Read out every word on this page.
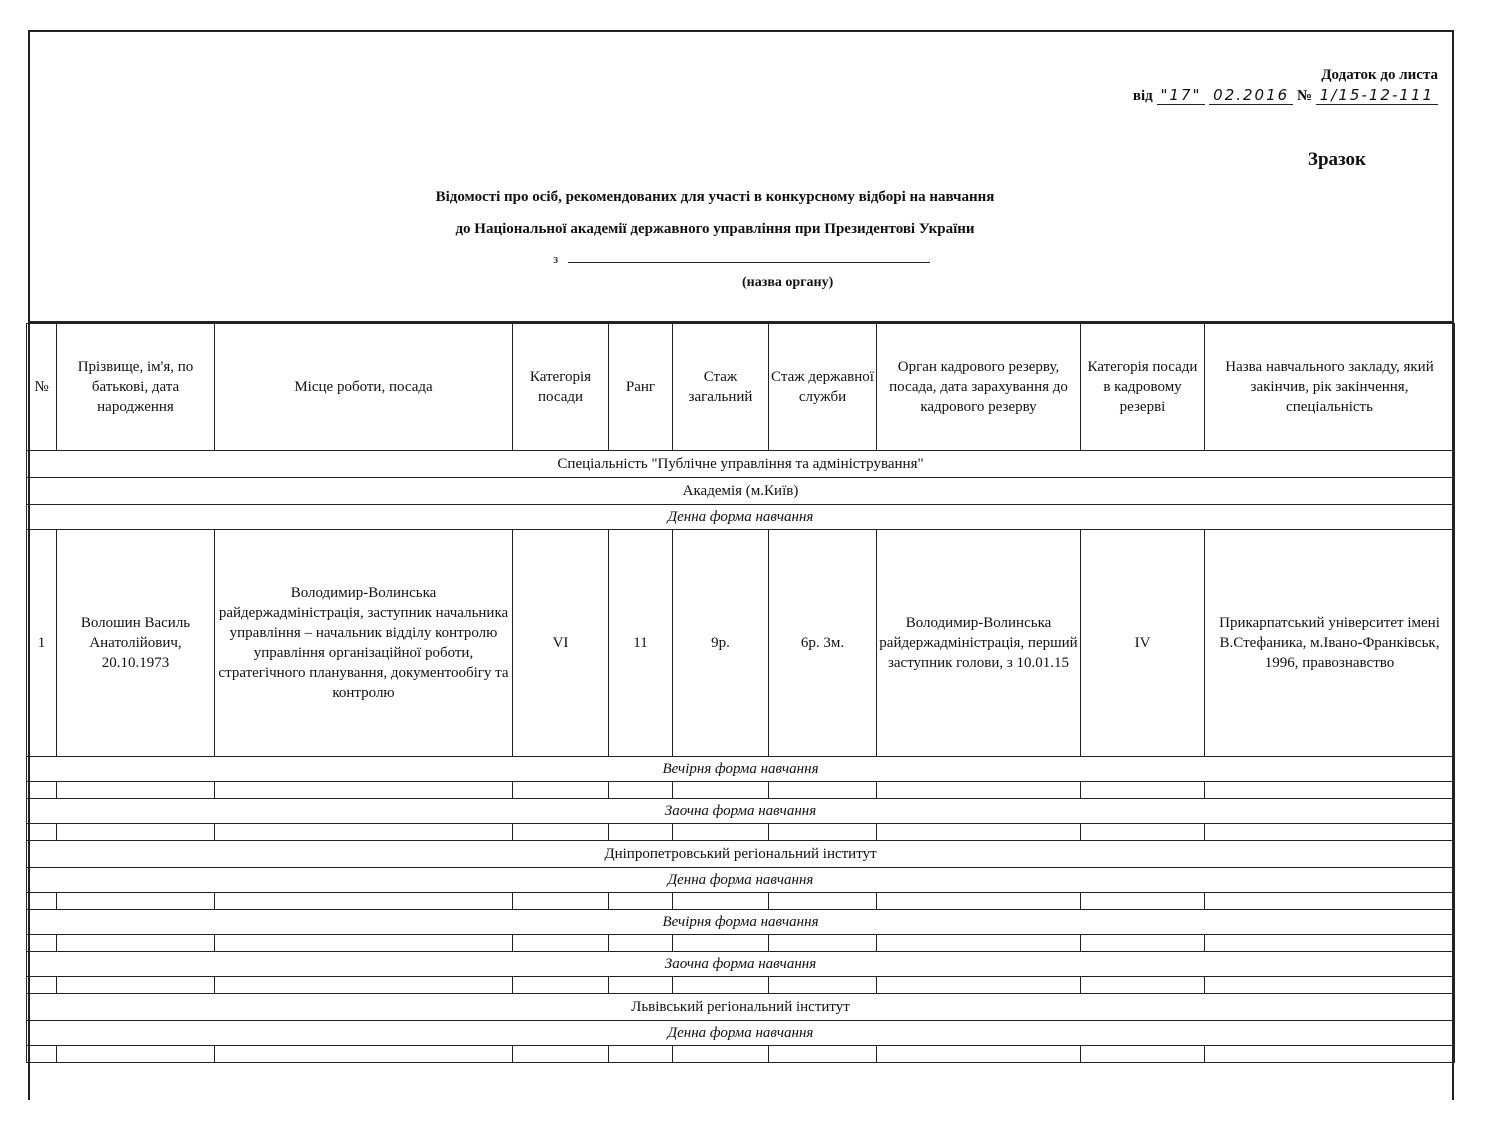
Додаток до листа
від "17" 02.2016 № 1/15-12-111
Зразок
Відомості про осіб, рекомендованих для участі в конкурсному відборі на навчання
до Національної академії державного управління при Президентові України
з
(назва органу)
№	Прізвище, ім'я, по батькові, дата народження	Місце роботи, посада	Категорія посади	Ранг	Стаж загальний	Стаж державної служби	Орган кадрового резерву, посада, дата зарахування до кадрового резерву	Категорія посади в кадровому резерві	Назва навчального закладу, який закінчив, рік закінчення, спеціальність
Спеціальність "Публічне управління та адміністрування"									
Академія (м.Київ)									
Денна форма навчання									
1	Волошин Василь Анатолійович, 20.10.1973	Володимир-Волинська райдержадміністрація, заступник начальника управління – начальник відділу контролю управління організаційної роботи, стратегічного планування, документообігу та контролю	VI	11	9р.	6р. 3м.	Володимир-Волинська райдержадміністрація, перший заступник голови, з 10.01.15	IV	Прикарпатський університет імені В.Стефаника, м.Івано-Франківськ, 1996, правознавство
Вечірня форма навчання									

Заочна форма навчання									

Дніпропетровський регіональний інститут									
Денна форма навчання									

Вечірня форма навчання									

Заочна форма навчання									

Львівський регіональний інститут									
Денна форма навчання									
